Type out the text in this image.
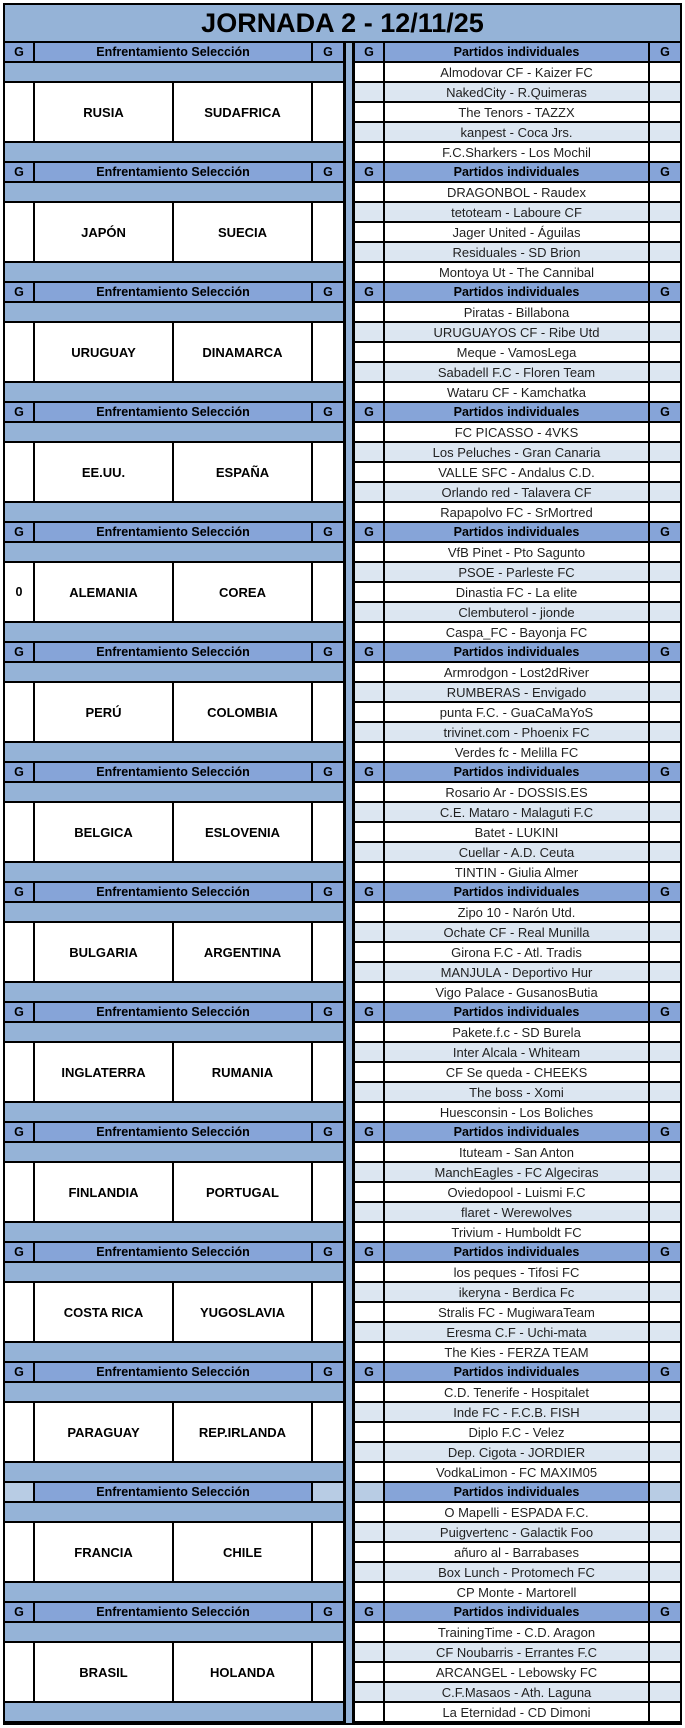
JORNADA 2 - 12/11/25
G	Enfrentamiento Selección	G
RUSIA	SUDAFRICA
G	Enfrentamiento Selección	G
JAPÓN	SUECIA
G	Enfrentamiento Selección	G
URUGUAY	DINAMARCA
G	Enfrentamiento Selección	G
EE.UU.	ESPAÑA
G	Enfrentamiento Selección	G
0	ALEMANIA	COREA
G	Enfrentamiento Selección	G
PERÚ	COLOMBIA
G	Enfrentamiento Selección	G
BELGICA	ESLOVENIA
G	Enfrentamiento Selección	G
BULGARIA	ARGENTINA
G	Enfrentamiento Selección	G
INGLATERRA	RUMANIA
G	Enfrentamiento Selección	G
FINLANDIA	PORTUGAL
G	Enfrentamiento Selección	G
COSTA RICA	YUGOSLAVIA
G	Enfrentamiento Selección	G
PARAGUAY	REP.IRLANDA
Enfrentamiento Selección
FRANCIA	CHILE
G	Enfrentamiento Selección	G
BRASIL	HOLANDA
G	Partidos individuales	G
Almodovar CF - Kaizer FC
NakedCity - R.Quimeras
The Tenors - TAZZX
kanpest - Coca Jrs.
F.C.Sharkers - Los Mochil
G	Partidos individuales	G
DRAGONBOL - Raudex
tetoteam - Laboure CF
Jager United - Águilas
Residuales - SD Brion
Montoya Ut - The Cannibal
G	Partidos individuales	G
Piratas - Billabona
URUGUAYOS CF - Ribe Utd
Meque - VamosLega
Sabadell F.C - Floren Team
Wataru CF - Kamchatka
G	Partidos individuales	G
FC PICASSO - 4VKS
Los Peluches - Gran Canaria
VALLE SFC - Andalus C.D.
Orlando red - Talavera CF
Rapapolvo FC - SrMortred
G	Partidos individuales	G
VfB Pinet - Pto Sagunto
PSOE - Parleste FC
Dinastia FC - La elite
Clembuterol - jionde
Caspa_FC - Bayonja FC
G	Partidos individuales	G
Armrodgon - Lost2dRiver
RUMBERAS - Envigado
punta F.C. - GuaCaMaYoS
trivinet.com - Phoenix FC
Verdes fc - Melilla FC
G	Partidos individuales	G
Rosario Ar - DOSSIS.ES
C.E. Mataro - Malaguti F.C
Batet - LUKINI
Cuellar - A.D. Ceuta
TINTIN - Giulia Almer
G	Partidos individuales	G
Zipo 10 - Narón Utd.
Ochate CF - Real Munilla
Girona F.C - Atl. Tradis
MANJULA - Deportivo Hur
Vigo Palace - GusanosButia
G	Partidos individuales	G
Pakete.f.c - SD Burela
Inter Alcala - Whiteam
CF Se queda - CHEEKS
The boss - Xomi
Huesconsin - Los Boliches
G	Partidos individuales	G
Ituteam - San Anton
ManchEagles - FC Algeciras
Oviedopool - Luismi F.C
flaret - Werewolves
Trivium - Humboldt FC
G	Partidos individuales	G
los peques - Tifosi FC
ikeryna - Berdica Fc
Stralis FC - MugiwaraTeam
Eresma C.F - Uchi-mata
The Kies - FERZA TEAM
G	Partidos individuales	G
C.D. Tenerife - Hospitalet
Inde FC - F.C.B. FISH
Diplo F.C - Velez
Dep. Cigota - JORDIER
VodkaLimon - FC MAXIM05
Partidos individuales
O Mapelli - ESPADA F.C.
Puigvertenc - Galactik Foo
añuro al - Barrabases
Box Lunch - Protomech FC
CP Monte - Martorell
G	Partidos individuales	G
TrainingTime - C.D. Aragon
CF Noubarris - Errantes F.C
ARCANGEL - Lebowsky FC
C.F.Masaos - Ath. Laguna
La Eternidad - CD Dimoni
